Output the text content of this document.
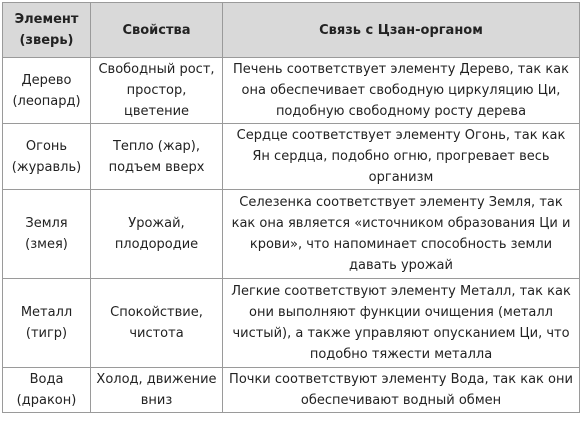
Элемент (зверь)	Свойства	Связь с Цзан-органом
Дерево (леопард)	Свободный рост, простор, цветение	Печень соответствует элементу Дерево, так как она обеспечивает свободную циркуляцию Ци, подобную свободному росту дерева
Огонь (журавль)	Тепло (жар), подъем вверх	Сердце соответствует элементу Огонь, так как Ян сердца, подобно огню, прогревает весь организм
Земля (змея)	Урожай, плодородие	Селезенка соответствует элементу Земля, так как она является «источником образования Ци и крови», что напоминает способность земли давать урожай
Металл (тигр)	Спокойствие, чистота	Легкие соответствуют элементу Металл, так как они выполняют функции очищения (металл чистый), а также управляют опусканием Ци, что подобно тяжести металла
Вода (дракон)	Холод, движение вниз	Почки соответствуют элементу Вода, так как они обеспечивают водный обмен
